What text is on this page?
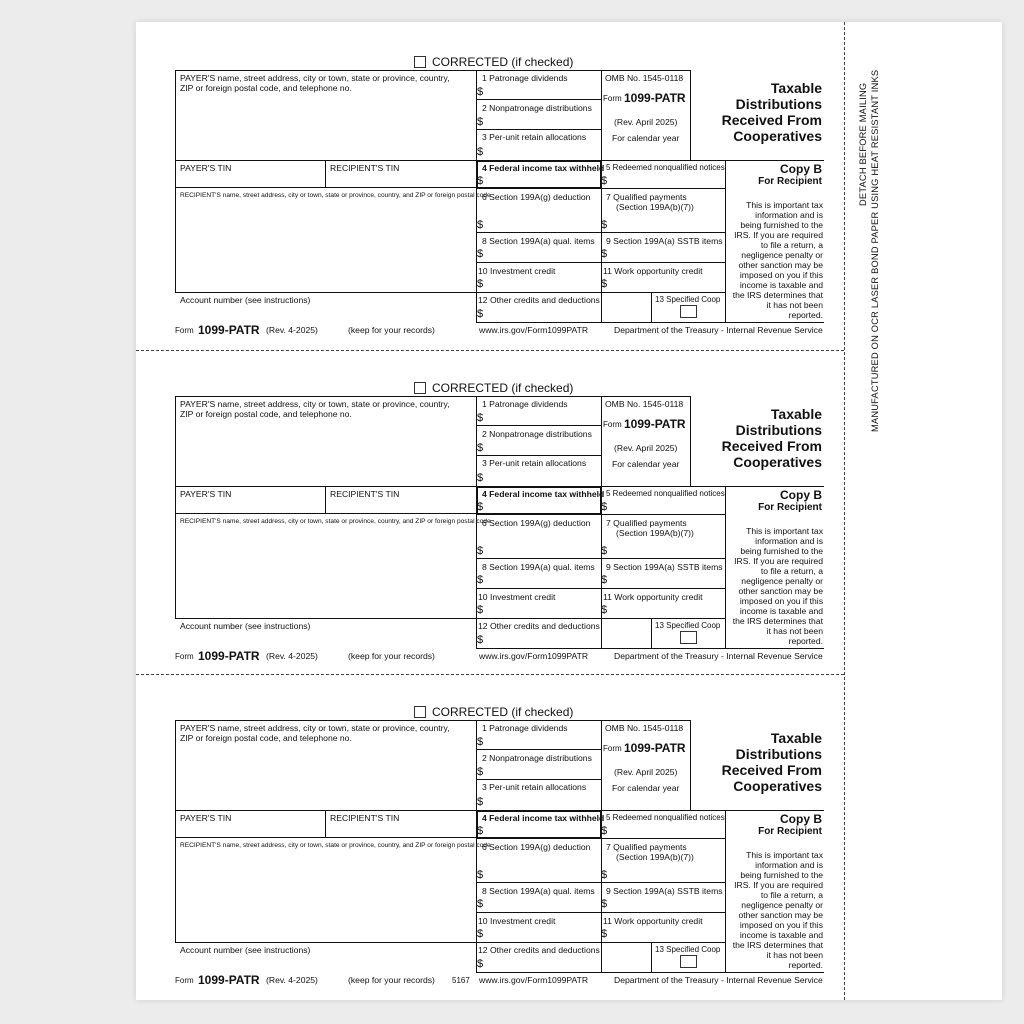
DETACH BEFORE MAILING MANUFACTURED ON OCR LASER BOND PAPER USING HEAT RESISTANT INKS
CORRECTED (if checked)
PAYER'S name, street address, city or town, state or province, country,
ZIP or foreign postal code, and telephone no.
PAYER'S TIN	RECIPIENT'S TIN
RECIPIENT'S name, street address, city or town, state or province, country, and ZIP or foreign postal code
Account number (see instructions)
1 Patronage dividends
$
2 Nonpatronage distributions
$
3 Per-unit retain allocations
$
4 Federal income tax withheld
$
5 Redeemed nonqualified notices
$
6 Section 199A(g) deduction
$
7 Qualified payments
(Section 199A(b)(7))
$
8 Section 199A(a) qual. items
$
9 Section 199A(a) SSTB items
$
10 Investment credit
$
11 Work opportunity credit
$
12 Other credits and deductions
$
13 Specified Coop
OMB No. 1545-0118
Form 1099-PATR
(Rev. April 2025)
For calendar year
Taxable
Distributions
Received From
Cooperatives
Copy B
For Recipient
This is important tax
information and is
being furnished to the
IRS. If you are required
to file a return, a
negligence penalty or
other sanction may be
imposed on you if this
income is taxable and
the IRS determines that
it has not been
reported.
Form 1099-PATR (Rev. 4-2025)	(keep for your records)	www.irs.gov/Form1099PATR	Department of the Treasury - Internal Revenue Service
CORRECTED (if checked)
PAYER'S name, street address, city or town, state or province, country,
ZIP or foreign postal code, and telephone no.
PAYER'S TIN	RECIPIENT'S TIN
RECIPIENT'S name, street address, city or town, state or province, country, and ZIP or foreign postal code
Account number (see instructions)
1 Patronage dividends
$
2 Nonpatronage distributions
$
3 Per-unit retain allocations
$
4 Federal income tax withheld
$
5 Redeemed nonqualified notices
$
6 Section 199A(g) deduction
$
7 Qualified payments
(Section 199A(b)(7))
$
8 Section 199A(a) qual. items
$
9 Section 199A(a) SSTB items
$
10 Investment credit
$
11 Work opportunity credit
$
12 Other credits and deductions
$
13 Specified Coop
OMB No. 1545-0118
Form 1099-PATR
(Rev. April 2025)
For calendar year
Taxable
Distributions
Received From
Cooperatives
Copy B
For Recipient
This is important tax
information and is
being furnished to the
IRS. If you are required
to file a return, a
negligence penalty or
other sanction may be
imposed on you if this
income is taxable and
the IRS determines that
it has not been
reported.
Form 1099-PATR (Rev. 4-2025)	(keep for your records)	www.irs.gov/Form1099PATR	Department of the Treasury - Internal Revenue Service
CORRECTED (if checked)
PAYER'S name, street address, city or town, state or province, country,
ZIP or foreign postal code, and telephone no.
PAYER'S TIN	RECIPIENT'S TIN
RECIPIENT'S name, street address, city or town, state or province, country, and ZIP or foreign postal code
Account number (see instructions)
1 Patronage dividends
$
2 Nonpatronage distributions
$
3 Per-unit retain allocations
$
4 Federal income tax withheld
$
5 Redeemed nonqualified notices
$
6 Section 199A(g) deduction
$
7 Qualified payments
(Section 199A(b)(7))
$
8 Section 199A(a) qual. items
$
9 Section 199A(a) SSTB items
$
10 Investment credit
$
11 Work opportunity credit
$
12 Other credits and deductions
$
13 Specified Coop
OMB No. 1545-0118
Form 1099-PATR
(Rev. April 2025)
For calendar year
Taxable
Distributions
Received From
Cooperatives
Copy B
For Recipient
This is important tax
information and is
being furnished to the
IRS. If you are required
to file a return, a
negligence penalty or
other sanction may be
imposed on you if this
income is taxable and
the IRS determines that
it has not been
reported.
Form 1099-PATR (Rev. 4-2025)	(keep for your records) 5167 www.irs.gov/Form1099PATR	Department of the Treasury - Internal Revenue Service
